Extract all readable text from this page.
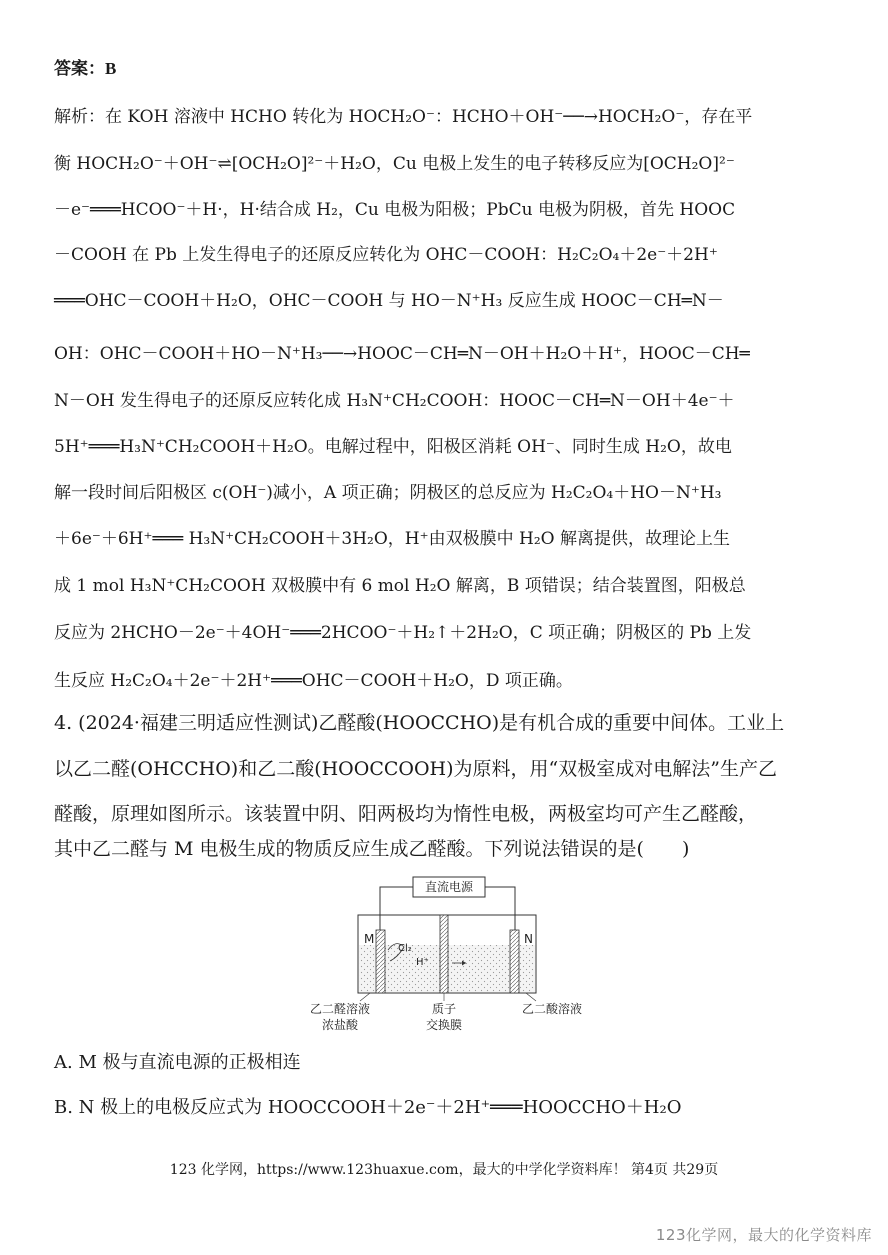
答案：B
解析：在 KOH 溶液中 HCHO 转化为 HOCH₂O⁻：HCHO＋OH⁻──→HOCH₂O⁻，存在平
衡 HOCH₂O⁻＋OH⁻⇌[OCH₂O]²⁻＋H₂O，Cu 电极上发生的电子转移反应为[OCH₂O]²⁻
－e⁻═══HCOO⁻＋H·，H·结合成 H₂，Cu 电极为阳极；PbCu 电极为阴极，首先 HOOC
－COOH 在 Pb 上发生得电子的还原反应转化为 OHC－COOH：H₂C₂O₄＋2e⁻＋2H⁺
═══OHC－COOH＋H₂O，OHC－COOH 与 HO－N⁺H₃ 反应生成 HOOC－CH═N－
OH：OHC－COOH＋HO－N⁺H₃──→HOOC－CH═N－OH＋H₂O＋H⁺，HOOC－CH═
N－OH 发生得电子的还原反应转化成 H₃N⁺CH₂COOH：HOOC－CH═N－OH＋4e⁻＋
5H⁺═══H₃N⁺CH₂COOH＋H₂O。电解过程中，阳极区消耗 OH⁻、同时生成 H₂O，故电
解一段时间后阳极区 c(OH⁻)减小，A 项正确；阴极区的总反应为 H₂C₂O₄＋HO－N⁺H₃
＋6e⁻＋6H⁺═══ H₃N⁺CH₂COOH＋3H₂O，H⁺由双极膜中 H₂O 解离提供，故理论上生
成 1 mol H₃N⁺CH₂COOH 双极膜中有 6 mol H₂O 解离，B 项错误；结合装置图，阳极总
反应为 2HCHO－2e⁻＋4OH⁻═══2HCOO⁻＋H₂↑＋2H₂O，C 项正确；阴极区的 Pb 上发
生反应 H₂C₂O₄＋2e⁻＋2H⁺═══OHC－COOH＋H₂O，D 项正确。
4. (2024·福建三明适应性测试)乙醛酸(HOOCCHO)是有机合成的重要中间体。工业上
以乙二醛(OHCCHO)和乙二酸(HOOCCOOH)为原料，用“双极室成对电解法”生产乙
醛酸，原理如图所示。该装置中阴、阳两极均为惰性电极，两极室均可产生乙醛酸，
其中乙二醛与 M 电极生成的物质反应生成乙醛酸。下列说法错误的是(　　)
直流电源
M	N
Cl₂
H⁺
乙二醛溶液
浓盐酸
质子
交换膜
乙二酸溶液
A. M 极与直流电源的正极相连
B. N 极上的电极反应式为 HOOCCOOH＋2e⁻＋2H⁺═══HOOCCHO＋H₂O
123 化学网，https://www.123huaxue.com，最大的中学化学资料库！ 第4页 共29页
123化学网，最大的化学资料库
